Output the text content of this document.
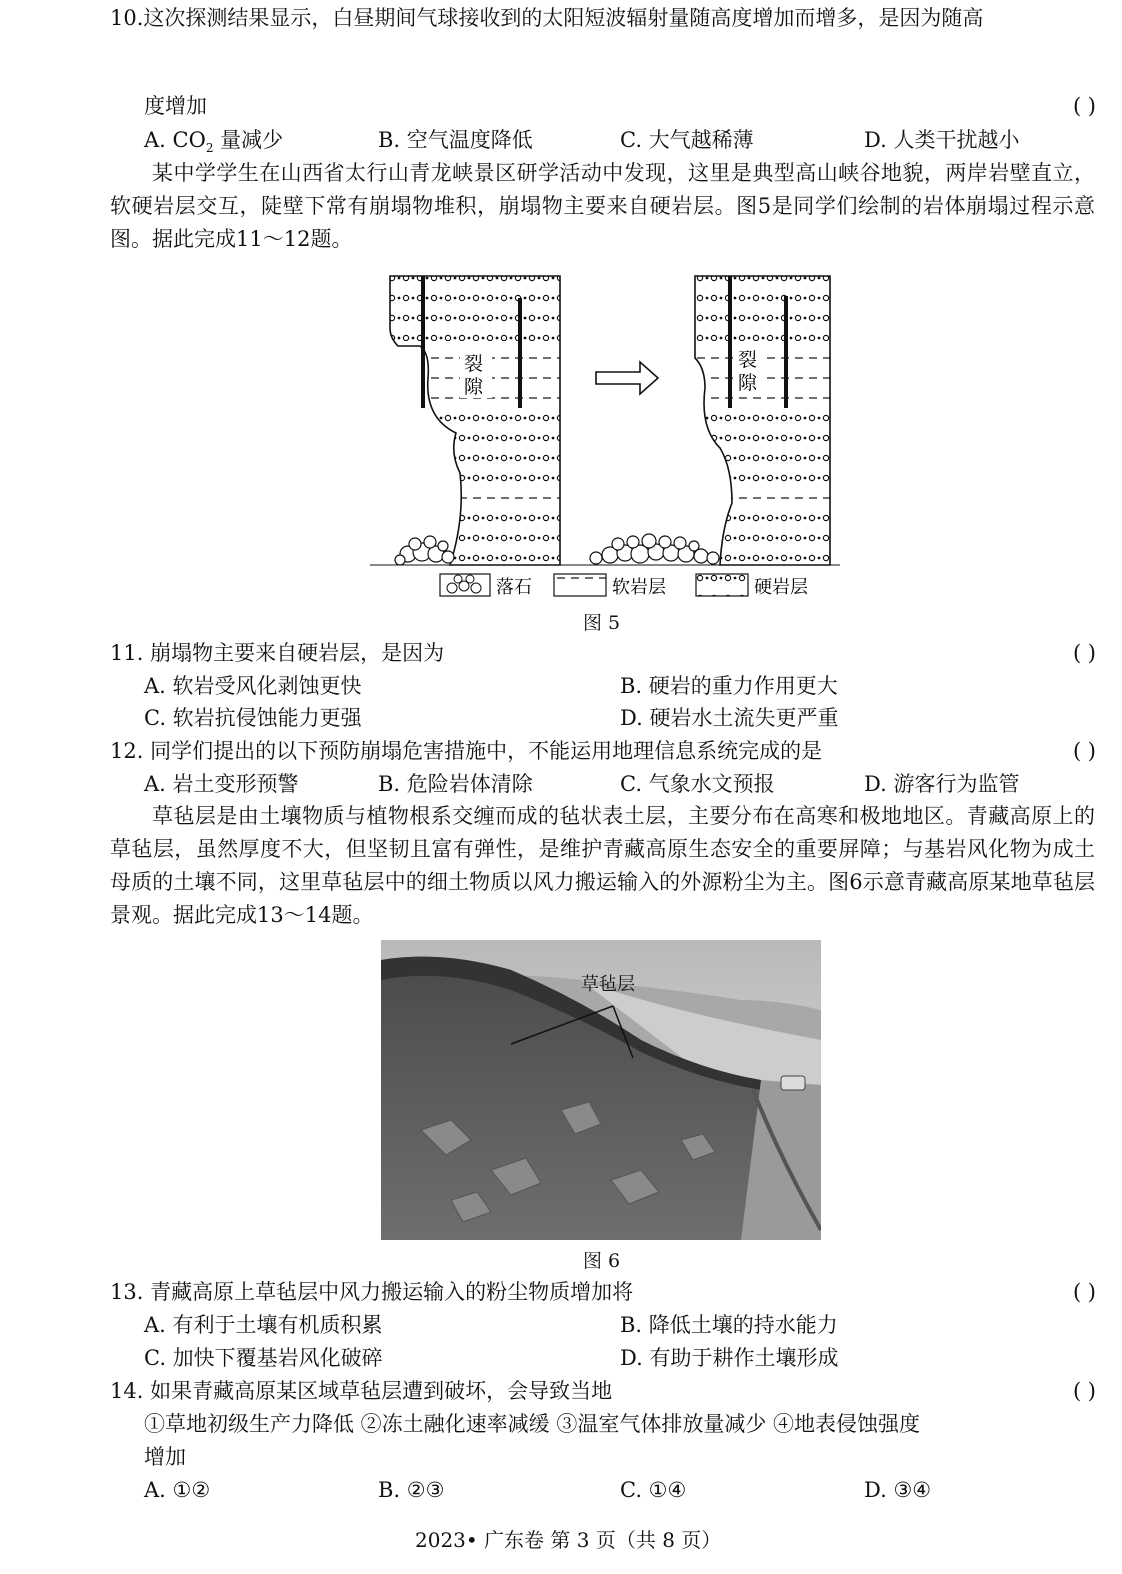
10.这次探测结果显示，白昼期间气球接收到的太阳短波辐射量随高度增加而增多，是因为随高
度增加	( )
A. $CO_2$ 量减少	B. 空气温度降低	C. 大气越稀薄	D. 人类干扰越小
某中学学生在山西省太行山青龙峡景区研学活动中发现，这里是典型高山峡谷地貌，两岸岩壁直立，软硬岩层交互，陡壁下常有崩塌物堆积，崩塌物主要来自硬岩层。图5是同学们绘制的岩体崩塌过程示意图。据此完成11～12题。
裂
隙
裂
隙
落石	软岩层	硬岩层
图 5
11. 崩塌物主要来自硬岩层，是因为	( )
A. 软岩受风化剥蚀更快	B. 硬岩的重力作用更大
C. 软岩抗侵蚀能力更强	D. 硬岩水土流失更严重
12. 同学们提出的以下预防崩塌危害措施中，不能运用地理信息系统完成的是	( )
A. 岩土变形预警	B. 危险岩体清除	C. 气象水文预报	D. 游客行为监管
草毡层是由土壤物质与植物根系交缠而成的毡状表土层，主要分布在高寒和极地地区。青藏高原上的草毡层，虽然厚度不大，但坚韧且富有弹性，是维护青藏高原生态安全的重要屏障；与基岩风化物为成土母质的土壤不同，这里草毡层中的细土物质以风力搬运输入的外源粉尘为主。图6示意青藏高原某地草毡层景观。据此完成13～14题。
草毡层
图 6
13. 青藏高原上草毡层中风力搬运输入的粉尘物质增加将	( )
A. 有利于土壤有机质积累	B. 降低土壤的持水能力
C. 加快下覆基岩风化破碎	D. 有助于耕作土壤形成
14. 如果青藏高原某区域草毡层遭到破坏，会导致当地	( )
①草地初级生产力降低 ②冻土融化速率减缓 ③温室气体排放量减少 ④地表侵蚀强度
增加
A. ①②	B. ②③	C. ①④	D. ③④
2023• 广东卷 第 3 页（共 8 页）
